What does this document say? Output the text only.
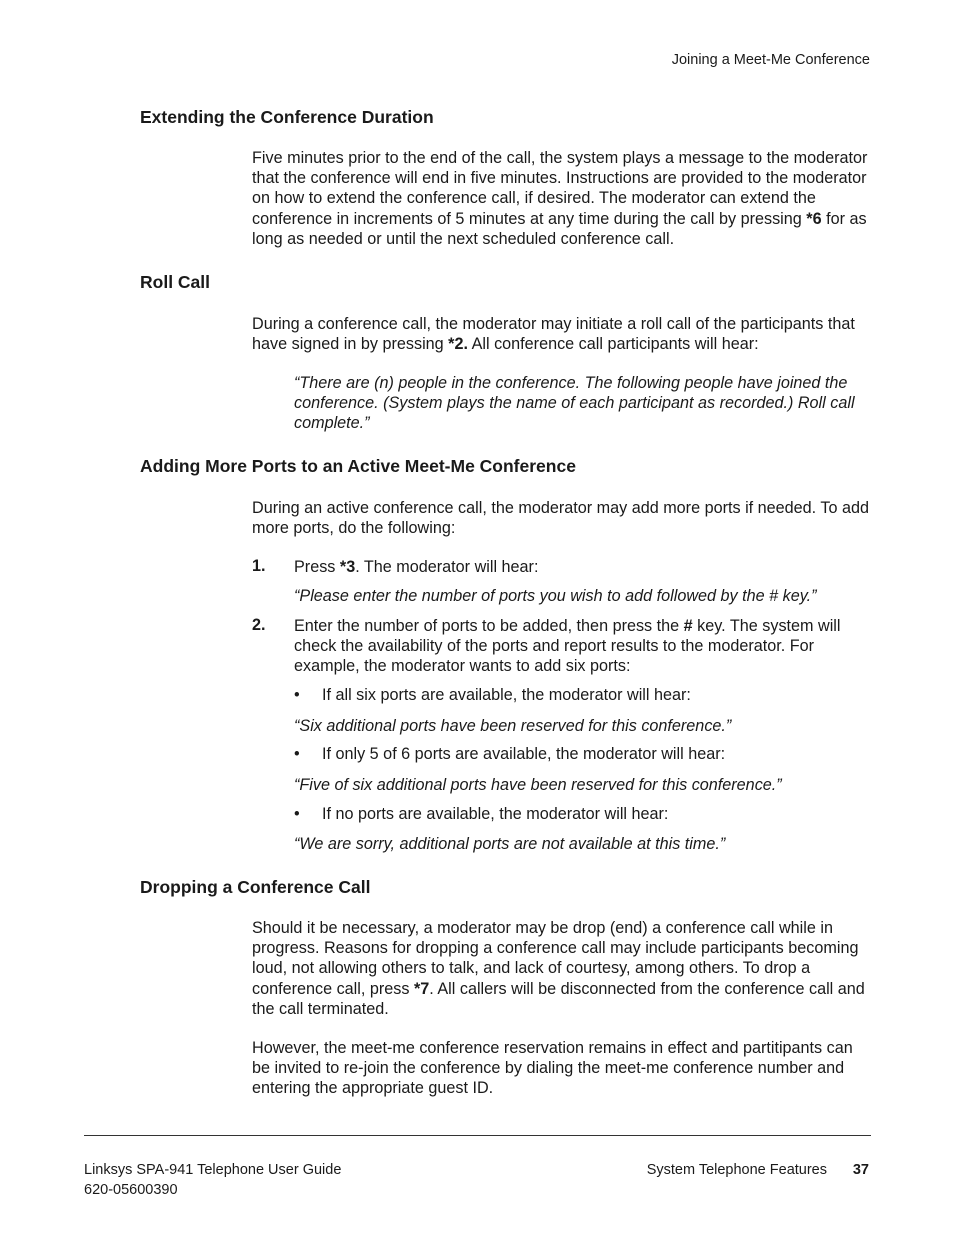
Joining a Meet-Me Conference
Extending the Conference Duration

Five minutes prior to the end of the call, the system plays a message to the moderator that the conference will end in five minutes. Instructions are provided to the moderator on how to extend the conference call, if desired. The moderator can extend the conference in increments of 5 minutes at any time during the call by pressing *6 for as long as needed or until the next scheduled conference call.

Roll Call

During a conference call, the moderator may initiate a roll call of the participants that have signed in by pressing *2. All conference call participants will hear:

“There are (n) people in the conference. The following people have joined the conference. (System plays the name of each participant as recorded.) Roll call complete.”

Adding More Ports to an Active Meet-Me Conference

During an active conference call, the moderator may add more ports if needed. To add more ports, do the following:

1. Press *3. The moderator will hear:

“Please enter the number of ports you wish to add followed by the # key.”

2. Enter the number of ports to be added, then press the # key. The system will check the availability of the ports and report results to the moderator. For example, the moderator wants to add six ports:

• If all six ports are available, the moderator will hear:

“Six additional ports have been reserved for this conference.”

• If only 5 of 6 ports are available, the moderator will hear:

“Five of six additional ports have been reserved for this conference.”

• If no ports are available, the moderator will hear:

“We are sorry, additional ports are not available at this time.”

Dropping a Conference Call

Should it be necessary, a moderator may be drop (end) a conference call while in progress. Reasons for dropping a conference call may include participants becoming loud, not allowing others to talk, and lack of courtesy, among others. To drop a conference call, press *7. All callers will be disconnected from the conference call and the call terminated.

However, the meet-me conference reservation remains in effect and partitipants can be invited to re-join the conference by dialing the meet-me conference number and entering the appropriate guest ID.

Linksys SPA-941 Telephone User Guide
620-05600390
System Telephone Features 37
